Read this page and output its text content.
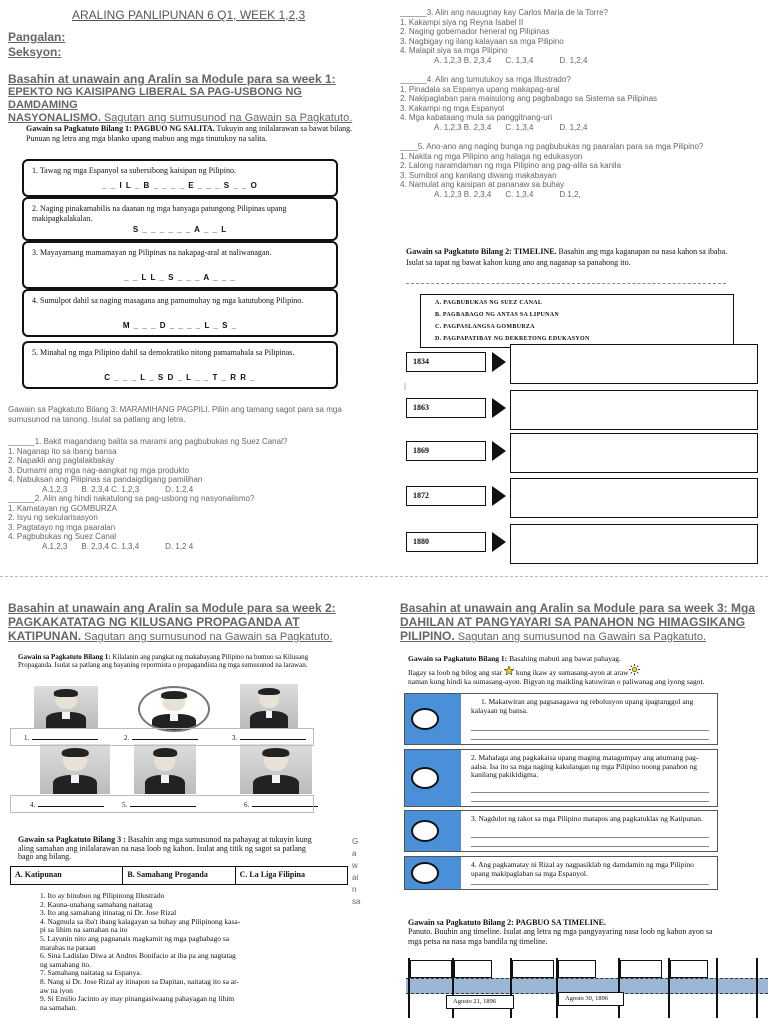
ARALING PANLIPUNAN 6 Q1, WEEK 1,2,3
Pangalan:
Seksyon:
Basahin at unawain ang Aralin sa Module para sa week 1:
EPEKTO NG KAISIPANG LIBERAL SA PAG-USBONG NG DAMDAMING
NASYONALISMO. Sagutan ang sumusunod na Gawain sa Pagkatuto.
Gawain sa Pagkatuto Bilang 1: PAGBUO NG SALITA. Tukuyin ang inilalarawan sa bawat bilang. Punuan ng letra ang mga blanko upang mabuo ang mga tinutukoy na salita.
1. Tawag ng mga Espanyol sa subersibong kaisipan ng Pilipino.
_ _ I L _ B _ _ _ _ E _ _ _ S _ _ O
2. Naging pinakamabilis na daanan ng mga banyaga patungong Pilipinas upang makipagkalakalan.
S _ _ _ _ _ _ A _ _ L
3. Mayayamang mamamayan ng Pilipinas na nakapag-aral at naliwanagan.
_ _ L L _ S _ _ _ A _ _ _
4. Sumulpot dahil sa naging masagana ang pamumuhay ng mga katutubong Pilipino.
M _ _ _ D _ _ _ _ L _ S _
5. Minahal ng mga Pilipino dahil sa demokratiko nitong pamamahala sa Pilipinas.
C _ _ _ L _ S D _ L _ _ T _ R R _
Gawain sa Pagkatuto Bilang 3: MARAMIHANG PAGPILI. Piliin ang tamang sagot para sa mga sumusunod na tanong. Isulat sa patlang ang letra.
______1. Bakit magandang balita sa marami ang pagbubukas ng Suez Canal?
1. Naganap ito sa ibang bansa
2. Napaikli ang paglalakbakay
3. Dumami ang mga nag-aangkat ng mga produkto
4. Nabuksan ang Pilipinas sa pandaigdigang pamilihan
A.1,2,3 B. 2,3,4 C. 1,2,3	D. 1,2,4
______2. Alin ang hindi nakatulong sa pag-usbong ng nasyonalismo?
1. Kamatayan ng GOMBURZA
2. Isyu ng sekularisasyon
3. Pagtatayo ng mga paaralan
4. Pagbubukas ng Suez Canal
A.1,2,3 B. 2,3,4 C. 1,3,4	D. 1,2 4
______3. Alin ang nauugnay kay Carlos Maria de la Torre?
1. Kakampi siya ng Reyna Isabel II
2. Naging gobernador heneral ng Pilipinas
3. Nagbigay ng ilang kalayaan sa mga Pilipino
4. Malapit siya sa mga Pilipino
A. 1,2,3 B. 2,3,4 C. 1,3,4	D. 1,2,4
______4. Alin ang tumutukoy sa mga Illustrado?
1. Pinadala sa Espanya upang makapag-aral
2. Nakipaglaban para maisulong ang pagbabago sa Sistema sa Pilipinas
3. Kakampi ng mga Espanyol
4. Mga kabataang mula sa panggitnang-uri
A. 1,2,3 B. 2,3,4 C. 1,3,4	D. 1,2,4
____5. Ano-ano ang naging bunga ng pagbubukas ng paaralan para sa mga Pilipino?
1. Nakita ng mga Pilipino ang halaga ng edukasyon
2. Lalong naramdaman ng mga Pilipino ang pag-alila sa kanila
3. Sumibol ang kanilang diwang makabayan
4. Namulat ang kaisipan at pananaw sa buhay
A. 1,2,3 B. 2,3,4 C. 1,3,4	D.1,2,
Gawain sa Pagkatuto Bilang 2: TIMELINE. Basahin ang mga kaganapan na nasa kahon sa ibaba. Isulat sa tapat ng bawat kahon kung ano ang naganap sa panahong ito.
A. PAGBUBUKAS NG SUEZ CANAL
B. PAGBABAGO NG ANTAS SA LIPUNAN
C. PAGPASLANGSA GOMBURZA
D. PAGPAPATIBAY NG DEKRETONG EDUKASYON
1834
1863
1869
1872
1880
|
Basahin at unawain ang Aralin sa Module para sa week 2:
PAGKAKATATAG NG KILUSANG PROPAGANDA AT
KATIPUNAN. Sagutan ang sumusunod na Gawain sa Pagkatuto.
Gawain sa Pagkatuto Bilang 1: Kilalanin ang pangkat ng makabayang Pilipino na bumuo sa Kilusang Propaganda. Isulat sa patlang ang bayaning repormista o propagandista ng mga sumusunod na larawan.
1.	2.	3.
4.	5.	6.
Gawain sa Pagkatuto Bilang 3 : Basahin ang mga sumusunod na pahayag at tukuyin kung aling samahan ang inilalarawan na nasa loob ng kahon. Isulat ang titik ng sagot sa patlang bago ang bilang.
G
a
w
ai
n
sa
A. Katipunan	B. Samahang Proganda	C. La Liga Filipina
1. Ito ay binubuo ng Pilipinong Illustrado
2. Kauna-unahang samahang naitatag
3. Ito ang samahang itinatag ni Dr. Jose Rizal
4. Nagmula sa iba't ibang kalagayan sa buhay ang Pilipinong kasa-
pi sa lihim na samahan na ito
5. Layunin nito ang pagnanais magkamit ng mga pagbabago sa
marahas na paraan
6. Sina Ladislao Diwa at Andres Bonifacio at iba pa ang nagtatag
ng samahang ito.
7. Samahang naitatag sa Espanya.
8. Nang si Dr. Jose Rizal ay itinapon sa Dapitan, naitatag ito sa ar-
aw na iyon
9. Si Emilio Jacinto ay may pinangasiwaang pahayagan ng lihim
na samahan.
Basahin at unawain ang Aralin sa Module para sa week 3: Mga
DAHILAN AT PANGYAYARI SA PANAHON NG HIMAGSIKANG
PILIPINO. Sagutan ang sumusunod na Gawain sa Pagkatuto.
Gawain sa Pagkatuto Bilang 1: Basahing mabuti ang bawat pahayag.
Ilagay sa loob ng bilog ang star  kung ikaw ay sumasang-ayon at araw
naman kung hindi ka sumasang-ayon. Bigyan ng maikling katuwiran o paliwanag ang iyong sagot.
1. Makatwiran ang pagsasagawa ng rebolusyon upang ipagtanggol ang kalayaan ng bansa.
2. Mahalaga ang pagkakaisa upang maging matagumpay ang anumang pag-aalsa. Isa ito sa mga naging kakulangan ng mga Pilipino noong panahon ng kanilang pakikidigma.
3. Nagdulot ng takot sa mga Pilipino matapos ang pagkatuklas ng Katipunan.
4. Ang pagkamatay ni Rizal ay nagpasiklab ng damdamin ng mga Pilipino upang makipaglaban sa mga Espanyol.
Gawain sa Pagkatuto Bilang 2: PAGBUO SA TIMELINE.
Panuto. Buuhin ang timeline. Isulat ang letra ng mga pangyayaring nasa loob ng kahon ayon sa mga petsa na nasa mga bandila ng timeline.
Agosto 21, 1896	Agosto 30, 1896
